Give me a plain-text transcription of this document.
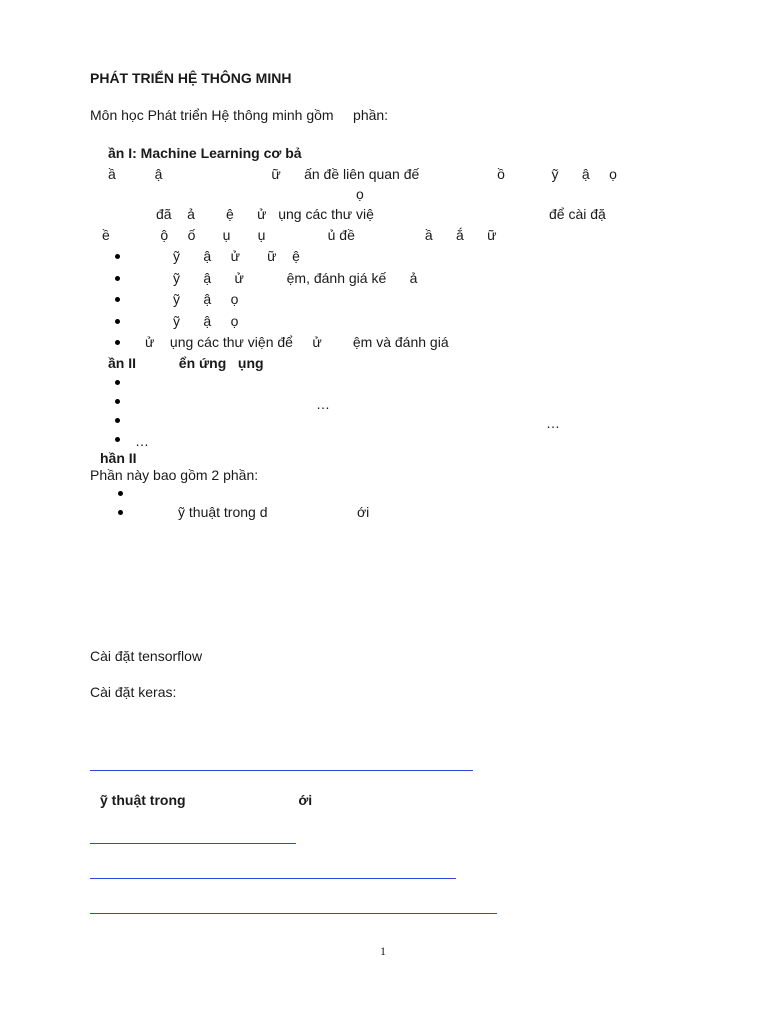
PHÁT TRIỂN HỆ THÔNG MINH
Môn học Phát triển Hệ thông minh gồm     phần:
ần I: Machine Learning cơ bả
ầ          ậ                            ữ      ấn đề liên quan đế                    ồ            ỹ      ậ     ọ
ọ
đã    ả        ệ      ử   ụng các thư việ                                             để cài đặ
ề             ộ     ố       ụ       ụ                ủ đề                  ầ      ắ      ữ
ỹ      ậ     ử       ữ    ệ
ỹ      ậ      ử           ệm, đánh giá kế      ả
ỹ      ậ     ọ
ỹ      ậ     ọ
ử    ụng các thư viện để     ử        ệm và đánh giá
ần II           ển ứng   ụng
…
…
…
hần II
Phần này bao gồm 2 phần:
ỹ thuật trong d                       ới
Cài đặt tensorflow
Cài đặt keras:
ỹ thuật trong                             ới
1
